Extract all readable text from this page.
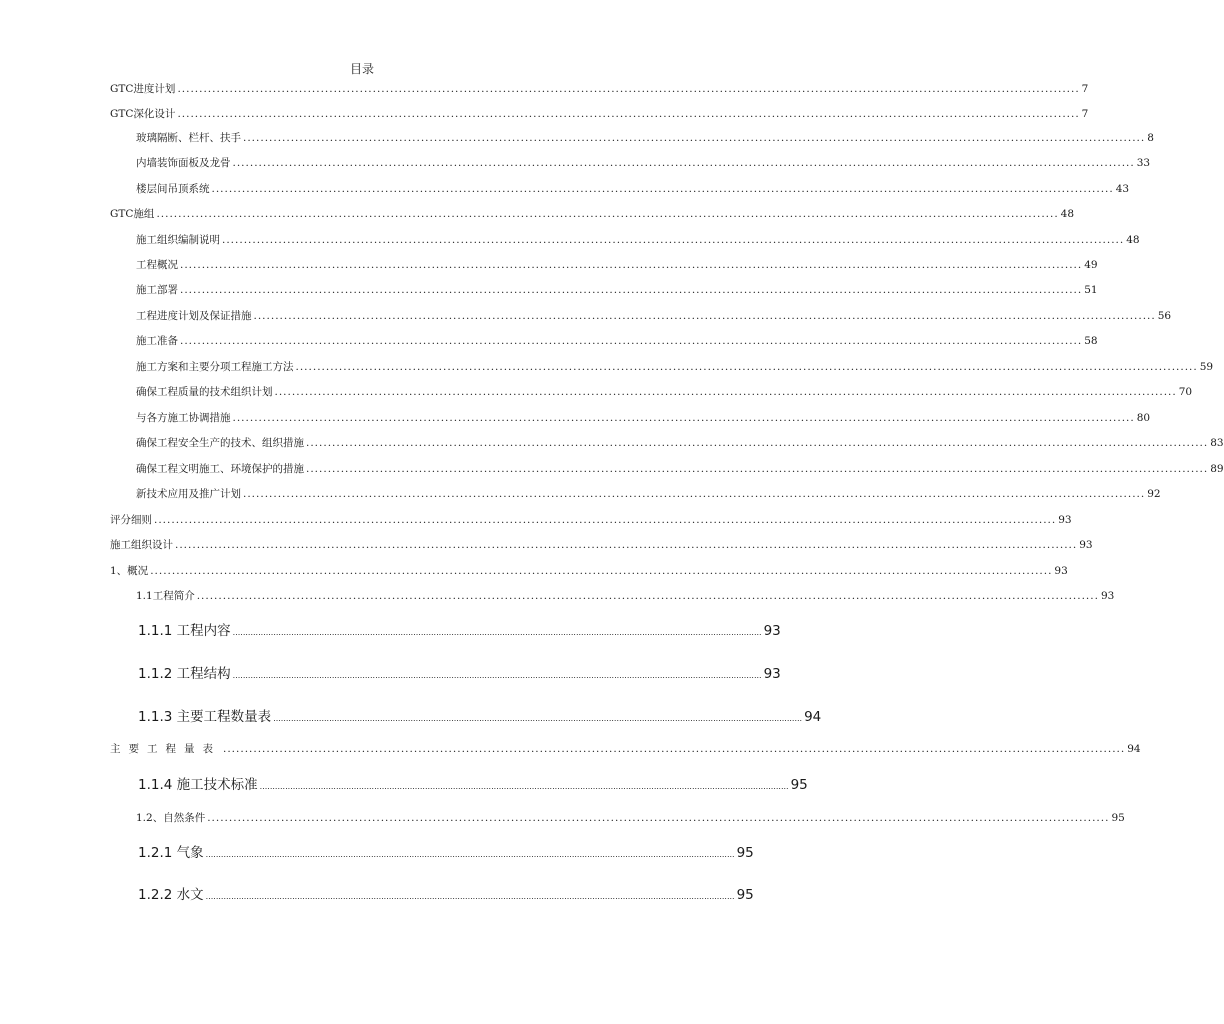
目录
GTC进度计划 ................................................................................................................................................................................................................ 7
GTC深化设计 ................................................................................................................................................................................................................ 7
玻璃隔断、栏杆、扶手 ................................................................................................................................................................................................................ 8
内墙装饰面板及龙骨 ................................................................................................................................................................................................................ 33
楼层间吊顶系统 ................................................................................................................................................................................................................ 43
GTC施组 ................................................................................................................................................................................................................ 48
施工组织编制说明 ................................................................................................................................................................................................................ 48
工程概况 ................................................................................................................................................................................................................ 49
施工部署 ................................................................................................................................................................................................................ 51
工程进度计划及保证措施 ................................................................................................................................................................................................................ 56
施工准备 ................................................................................................................................................................................................................ 58
施工方案和主要分项工程施工方法 ................................................................................................................................................................................................................ 59
确保工程质量的技术组织计划 ................................................................................................................................................................................................................ 70
与各方施工协调措施 ................................................................................................................................................................................................................ 80
确保工程安全生产的技术、组织措施 ................................................................................................................................................................................................................ 83
确保工程文明施工、环境保护的措施 ................................................................................................................................................................................................................ 89
新技术应用及推广计划 ................................................................................................................................................................................................................ 92
评分细则 ................................................................................................................................................................................................................ 93
施工组织设计 ................................................................................................................................................................................................................ 93
1、概况 ................................................................................................................................................................................................................ 93
1.1工程简介 ................................................................................................................................................................................................................ 93
1.1.1 工程内容 ................................................................................................................................................................................................................ 93
1.1.2 工程结构 ................................................................................................................................................................................................................ 93
1.1.3 主要工程数量表 ................................................................................................................................................................................................................ 94
主要工程量表 ................................................................................................................................................................................................................ 94
1.1.4 施工技术标准 ................................................................................................................................................................................................................ 95
1.2、自然条件 ................................................................................................................................................................................................................ 95
1.2.1 气象 ................................................................................................................................................................................................................ 95
1.2.2 水文 ................................................................................................................................................................................................................ 95
